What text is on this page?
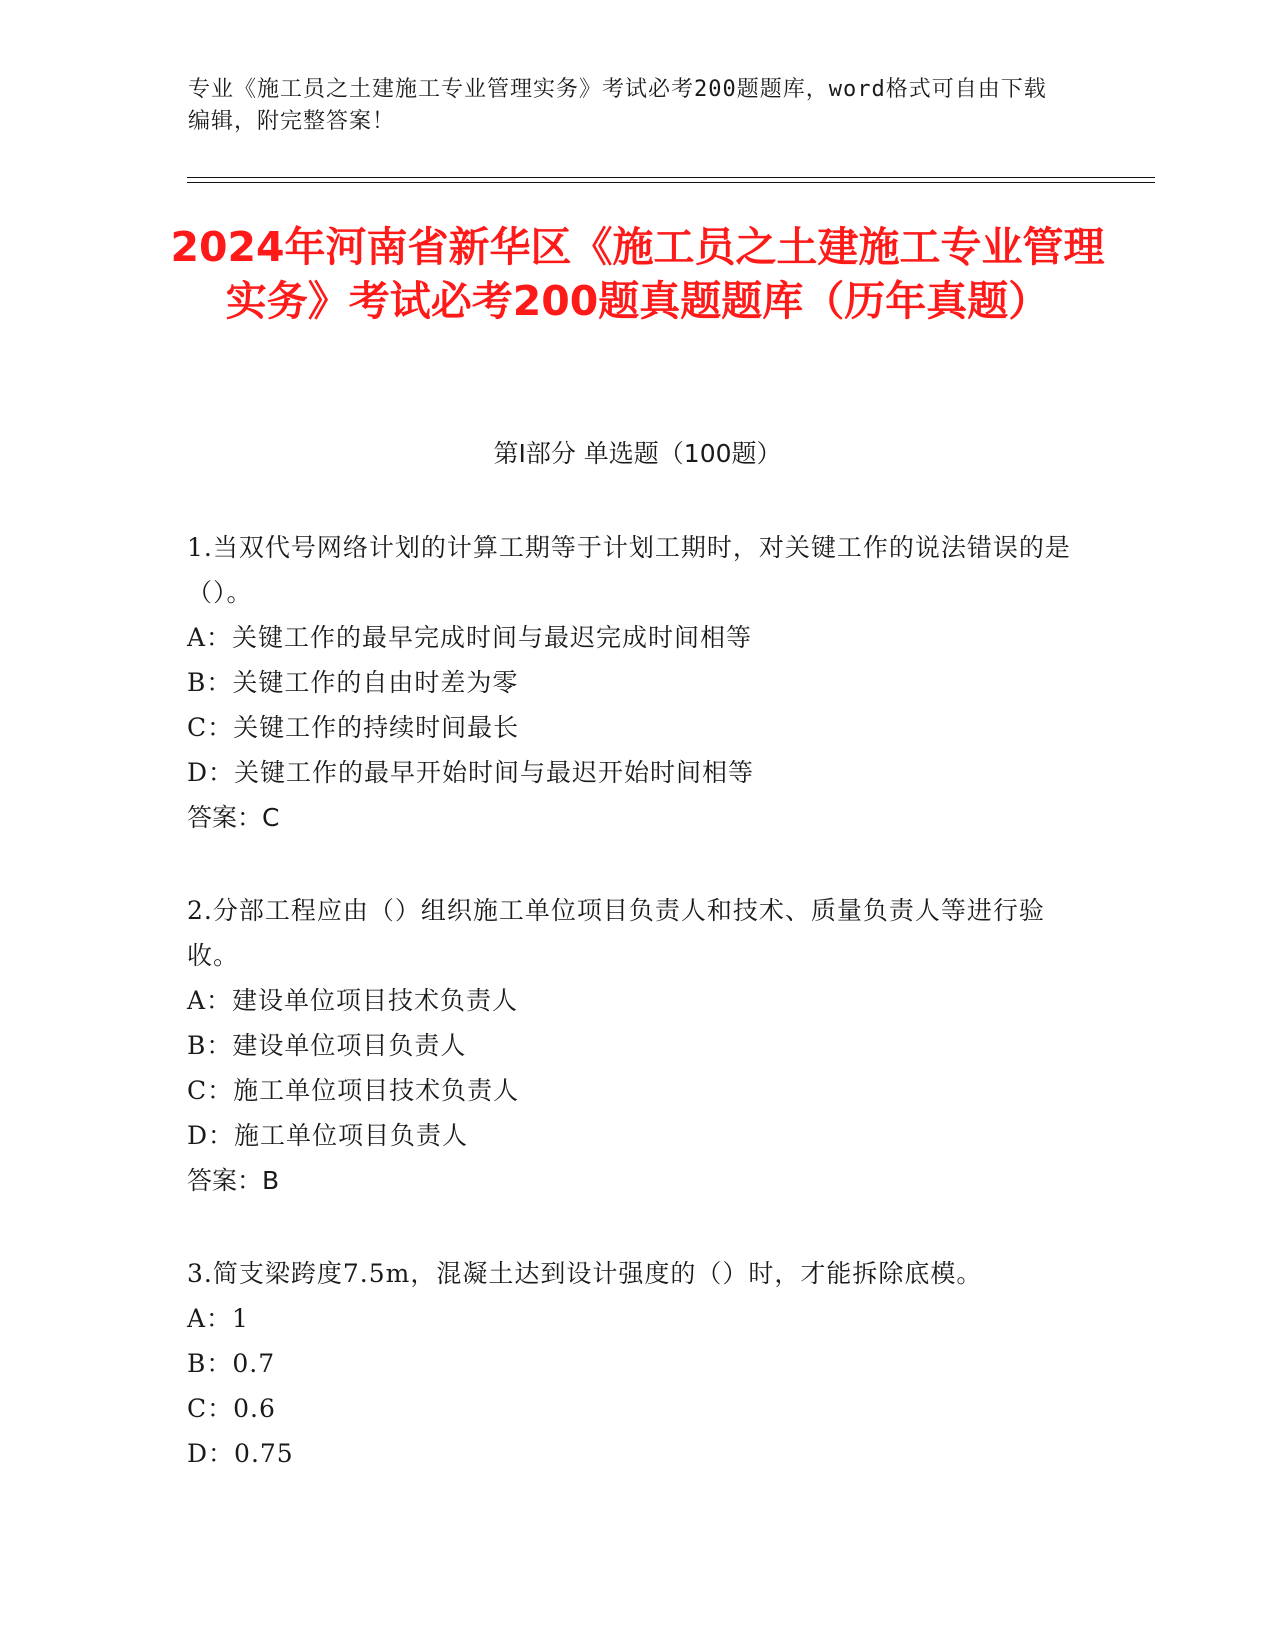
专业《施工员之土建施工专业管理实务》考试必考200题题库，word格式可自由下载编辑，附完整答案！
2024年河南省新华区《施工员之土建施工专业管理实务》考试必考200题真题题库（历年真题）
第I部分 单选题（100题）

1.当双代号网络计划的计算工期等于计划工期时，对关键工作的说法错误的是（）。

A：关键工作的最早完成时间与最迟完成时间相等

B：关键工作的自由时差为零

C：关键工作的持续时间最长

D：关键工作的最早开始时间与最迟开始时间相等

答案：C

2.分部工程应由（）组织施工单位项目负责人和技术、质量负责人等进行验收。

A：建设单位项目技术负责人

B：建设单位项目负责人

C：施工单位项目技术负责人

D：施工单位项目负责人

答案：B

3.简支梁跨度7.5m，混凝土达到设计强度的（）时，才能拆除底模。

A：1

B：0.7

C：0.6

D：0.75
